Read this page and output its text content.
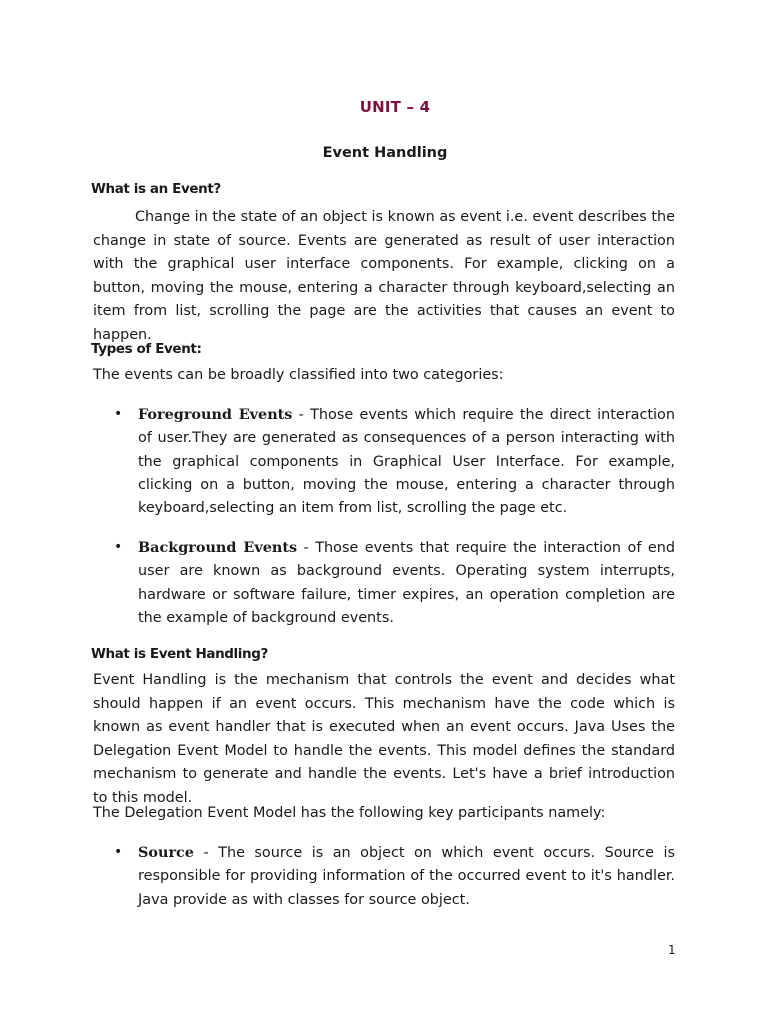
UNIT – 4
Event Handling
What is an Event?

Change in the state of an object is known as event i.e. event describes the change in state of source. Events are generated as result of user interaction with the graphical user interface components. For example, clicking on a button, moving the mouse, entering a character through keyboard,selecting an item from list, scrolling the page are the activities that causes an event to happen.

Types of Event:

The events can be broadly classified into two categories:

•	Foreground Events - Those events which require the direct interaction of user.They are generated as consequences of a person interacting with the graphical components in Graphical User Interface. For example, clicking on a button, moving the mouse, entering a character through keyboard,selecting an item from list, scrolling the page etc.
•	Background Events - Those events that require the interaction of end user are known as background events. Operating system interrupts, hardware or software failure, timer expires, an operation completion are the example of background events.
What is Event Handling?

Event Handling is the mechanism that controls the event and decides what should happen if an event occurs. This mechanism have the code which is known as event handler that is executed when an event occurs. Java Uses the Delegation Event Model to handle the events. This model defines the standard mechanism to generate and handle the events. Let's have a brief introduction to this model.

The Delegation Event Model has the following key participants namely:

•	Source - The source is an object on which event occurs. Source is responsible for providing information of the occurred event to it's handler. Java provide as with classes for source object.
1
